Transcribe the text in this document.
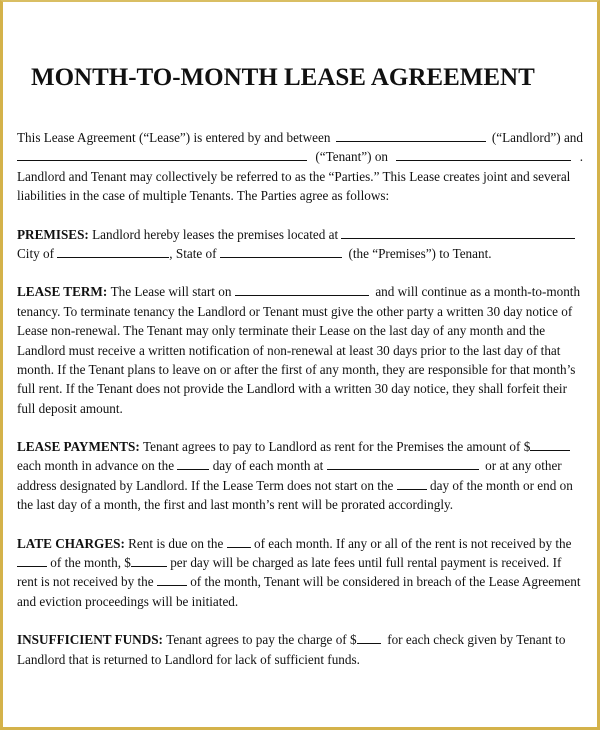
MONTH-TO-MONTH LEASE AGREEMENT
This Lease Agreement (“Lease”) is entered by and between	(“Landlord”) and
(“Tenant”) on	.
Landlord and Tenant may collectively be referred to as the “Parties.” This Lease creates joint and several
liabilities in the case of multiple Tenants. The Parties agree as follows:
PREMISES:
Landlord hereby leases the premises located at

City of
	, State of

	(the “Premises”) to Tenant.
LEASE TERM:
The Lease will start on

	and will continue as a month-to-month
tenancy. To terminate tenancy the Landlord or Tenant must give the other party a written 30 day notice of
Lease non-renewal. The Tenant may only terminate their Lease on the last day of any month and the
Landlord must receive a written notification of non-renewal at least 30 days prior to the last day of that
month. If the Tenant plans to leave on or after the first of any month, they are responsible for that month’s
full rent. If the Tenant does not provide the Landlord with a written 30 day notice, they shall forfeit their
full deposit amount.
LEASE PAYMENTS:
Tenant agrees to pay to Landlord as rent for the Premises the amount of $
each month in advance on the

	day of each month at

	or at any other
address designated by Landlord. If the Lease Term does not start on the

	day of the month or end on
the last day of a month, the first and last month’s rent will be prorated accordingly.
LATE CHARGES:
Rent is due on the

of each month. If any or all of the rent is not received by the

of the month, $
	per day will be charged as late fees until full rental payment is received. If
rent is not received by the

	of the month, Tenant will be considered in breach of the Lease Agreement
and eviction proceedings will be initiated.
INSUFFICIENT FUNDS:
Tenant agrees to pay the charge of $
for each check given by Tenant to
Landlord that is returned to Landlord for lack of sufficient funds.
